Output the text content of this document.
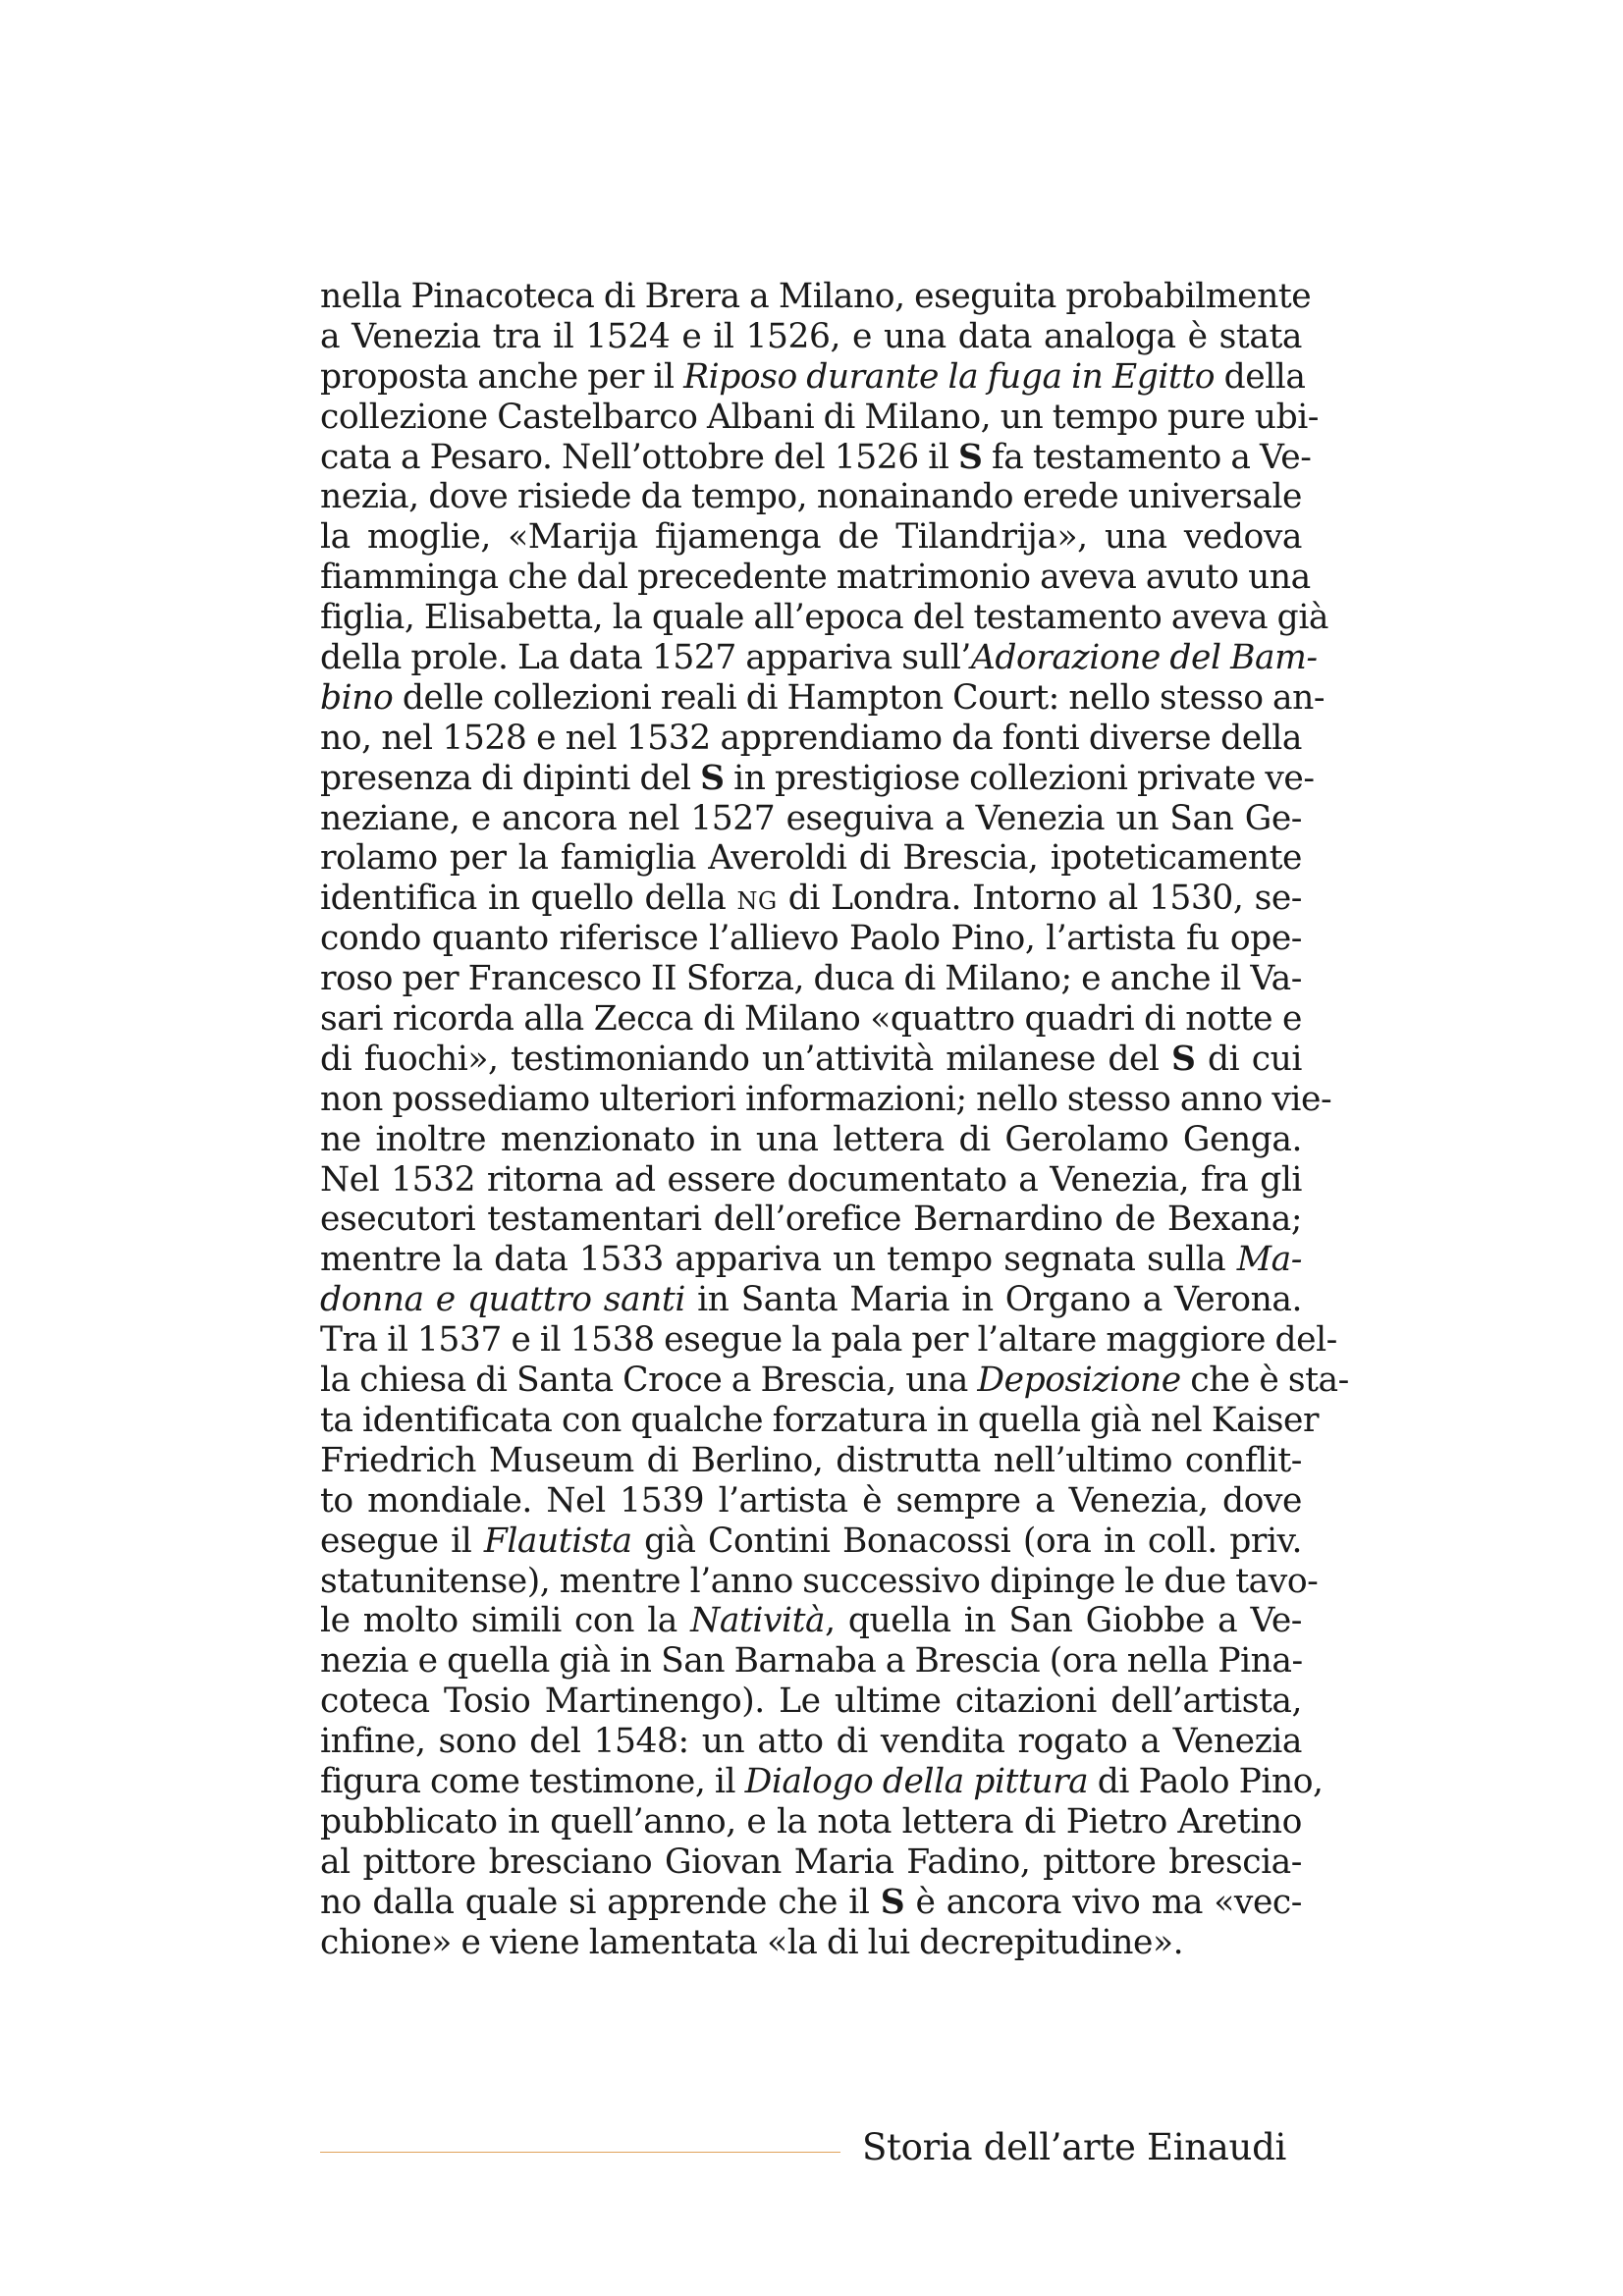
nella Pinacoteca di Brera a Milano, eseguita probabilmente
a Venezia tra il 1524 e il 1526, e una data analoga è stata
proposta anche per il Riposo durante la fuga in Egitto della
collezione Castelbarco Albani di Milano, un tempo pure ubi-
cata a Pesaro. Nell’ottobre del 1526 il S fa testamento a Ve-
nezia, dove risiede da tempo, nonainando erede universale
la moglie, «Marija fijamenga de Tilandrija», una vedova
fiamminga che dal precedente matrimonio aveva avuto una
figlia, Elisabetta, la quale all’epoca del testamento aveva già
della prole. La data 1527 appariva sull’Adorazione del Bam-
bino delle collezioni reali di Hampton Court: nello stesso an-
no, nel 1528 e nel 1532 apprendiamo da fonti diverse della
presenza di dipinti del S in prestigiose collezioni private ve-
neziane, e ancora nel 1527 eseguiva a Venezia un San Ge-
rolamo per la famiglia Averoldi di Brescia, ipoteticamente
identifica in quello della NG di Londra. Intorno al 1530, se-
condo quanto riferisce l’allievo Paolo Pino, l’artista fu ope-
roso per Francesco II Sforza, duca di Milano; e anche il Va-
sari ricorda alla Zecca di Milano «quattro quadri di notte e
di fuochi», testimoniando un’attività milanese del S di cui
non possediamo ulteriori informazioni; nello stesso anno vie-
ne inoltre menzionato in una lettera di Gerolamo Genga.
Nel 1532 ritorna ad essere documentato a Venezia, fra gli
esecutori testamentari dell’orefice Bernardino de Bexana;
mentre la data 1533 appariva un tempo segnata sulla Ma-
donna e quattro santi in Santa Maria in Organo a Verona.
Tra il 1537 e il 1538 esegue la pala per l’altare maggiore del-
la chiesa di Santa Croce a Brescia, una Deposizione che è sta-
ta identificata con qualche forzatura in quella già nel Kaiser
Friedrich Museum di Berlino, distrutta nell’ultimo conflit-
to mondiale. Nel 1539 l’artista è sempre a Venezia, dove
esegue il Flautista già Contini Bonacossi (ora in coll. priv.
statunitense), mentre l’anno successivo dipinge le due tavo-
le molto simili con la Natività, quella in San Giobbe a Ve-
nezia e quella già in San Barnaba a Brescia (ora nella Pina-
coteca Tosio Martinengo). Le ultime citazioni dell’artista,
infine, sono del 1548: un atto di vendita rogato a Venezia
figura come testimone, il Dialogo della pittura di Paolo Pino,
pubblicato in quell’anno, e la nota lettera di Pietro Aretino
al pittore bresciano Giovan Maria Fadino, pittore brescia-
no dalla quale si apprende che il S è ancora vivo ma «vec-
chione» e viene lamentata «la di lui decrepitudine».
Storia dell’arte Einaudi
